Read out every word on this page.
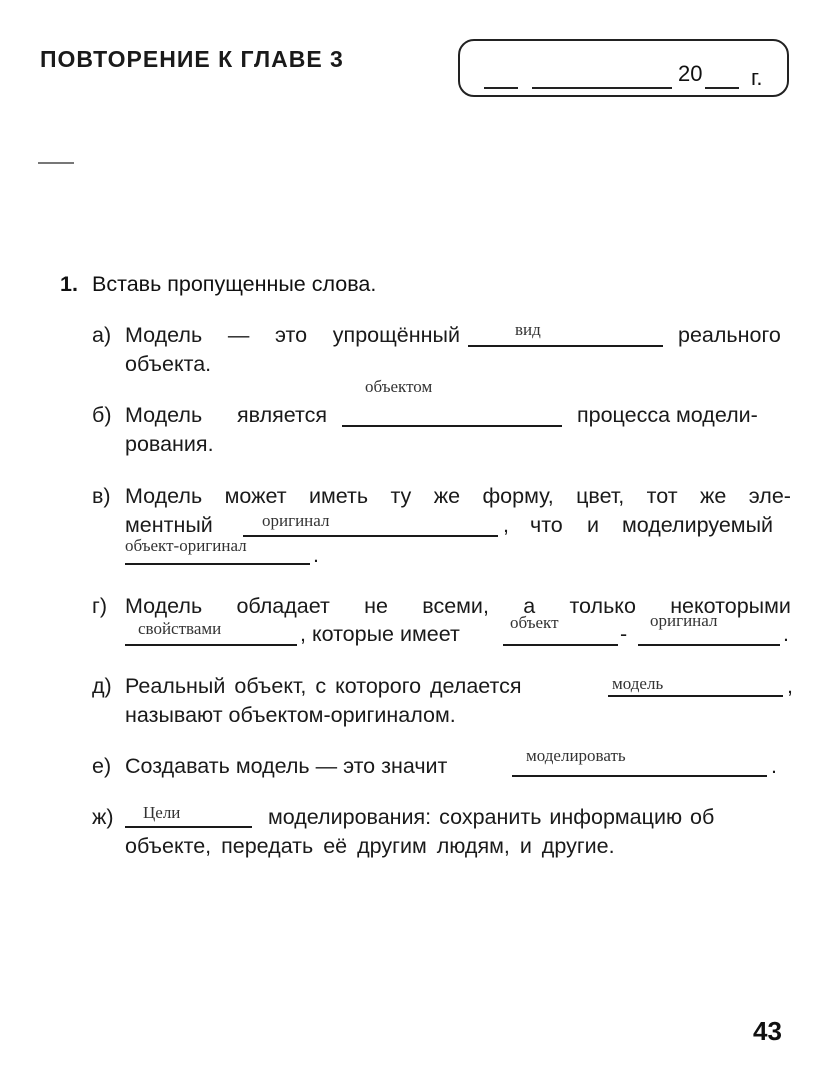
ПОВТОРЕНИЕ К ГЛАВЕ 3
20 г.
1. Вставь пропущенные слова.
а) Модель — это упрощённый	вид	реального
объекта.
объектом
б) Модель является	процесса модели-
рования.
в) Модель может иметь ту же форму, цвет, тот же эле-
ментный	оригинал	, что и моделируемый
объект-оригинал	.
г) Модель обладает не всеми, а только некоторыми
свойствами	, которые имеет	объект	-
оригинал
.
д) Реальный объект, с которого делается	модель	,
называют объектом-оригиналом.
е) Создавать модель — это значит	моделировать	.
ж) Цели	моделирования: сохранить информацию об
объекте, передать её другим людям, и другие.
43
